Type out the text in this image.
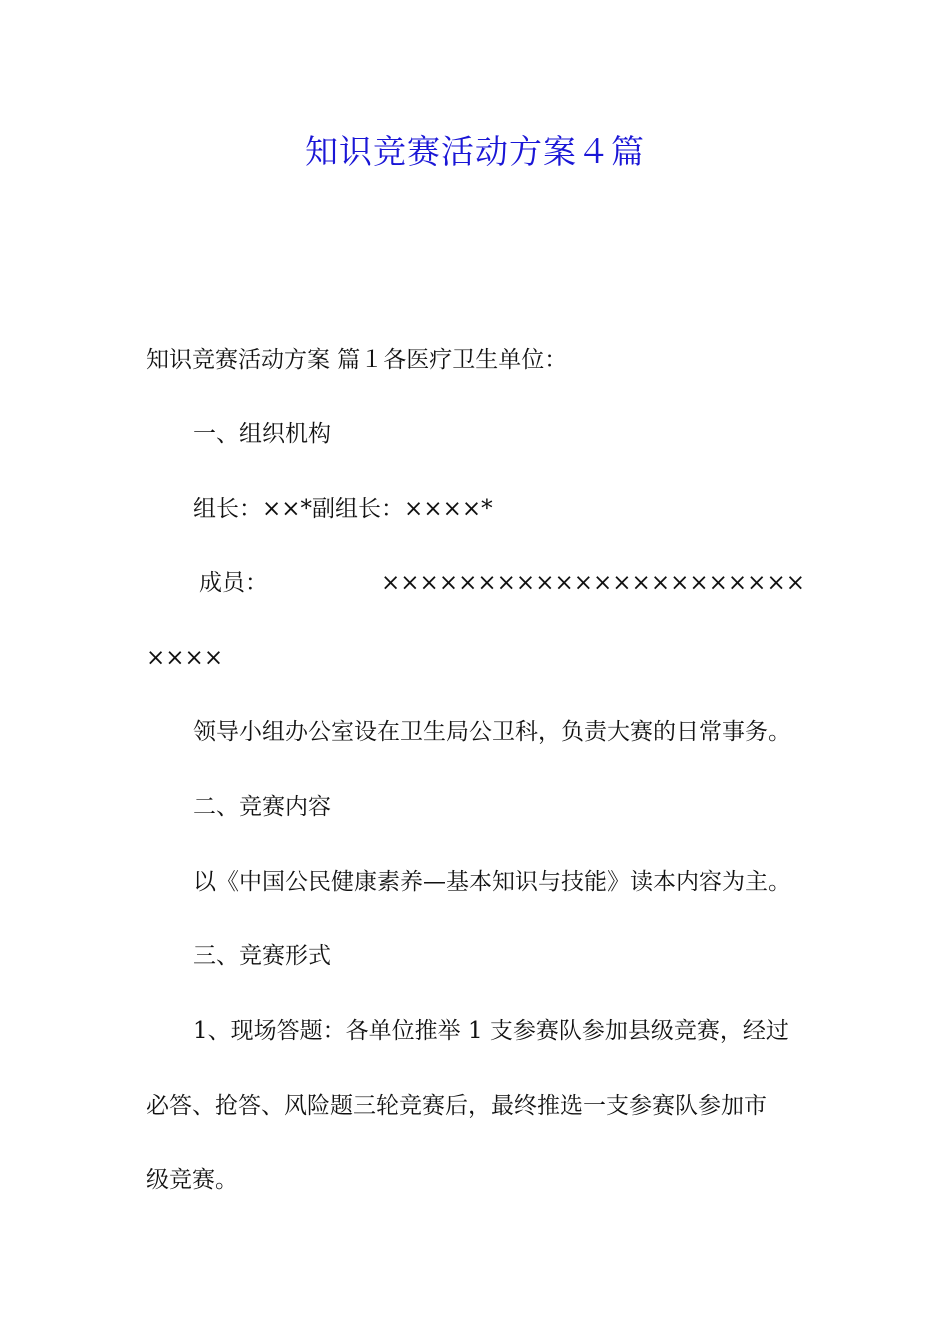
知识竞赛活动方案４篇
知识竞赛活动方案 篇１各医疗卫生单位：
一、组织机构
组长：××*副组长：××××*
成员：	××××××××××××××××××××××
××××
领导小组办公室设在卫生局公卫科，负责大赛的日常事务。
二、竞赛内容
以《中国公民健康素养—基本知识与技能》读本内容为主。
三、竞赛形式
1、现场答题：各单位推举 1 支参赛队参加县级竞赛，经过
必答、抢答、风险题三轮竞赛后，最终推选一支参赛队参加市
级竞赛。
